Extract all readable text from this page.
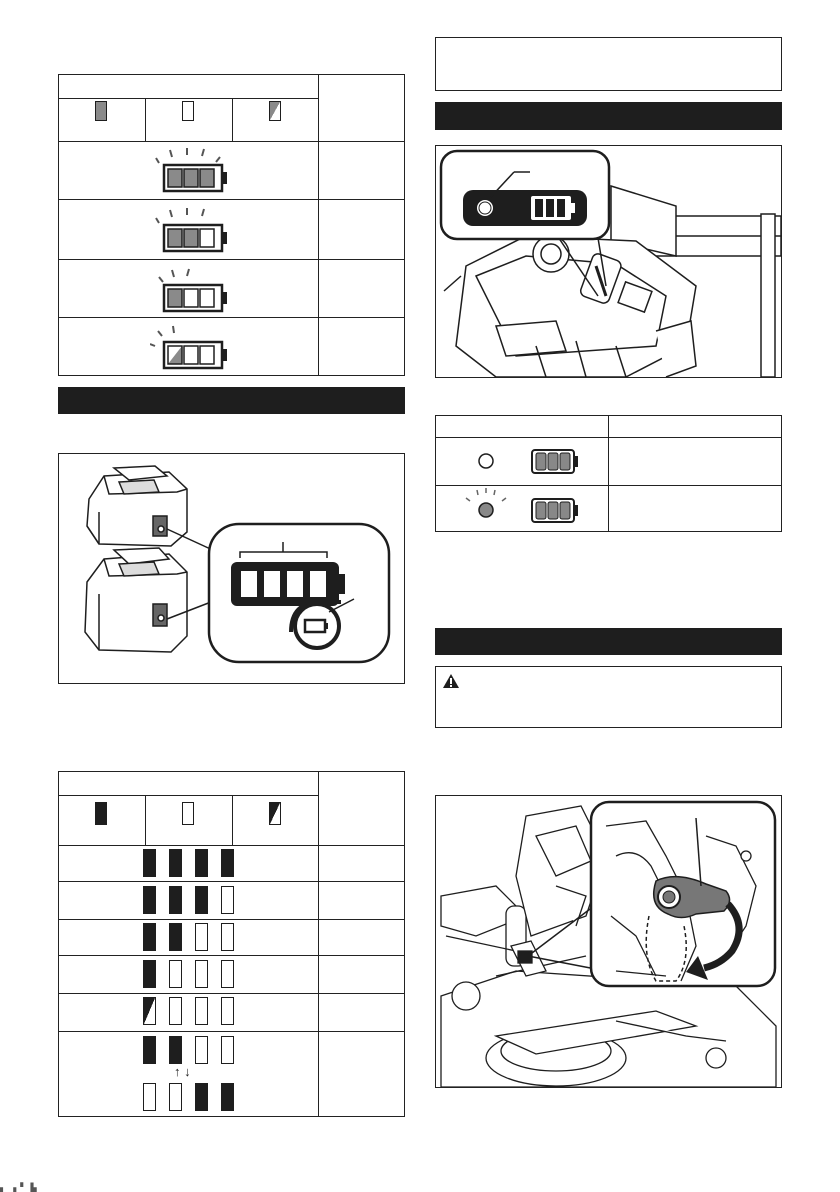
↑ ↓
▖▗▘▙
